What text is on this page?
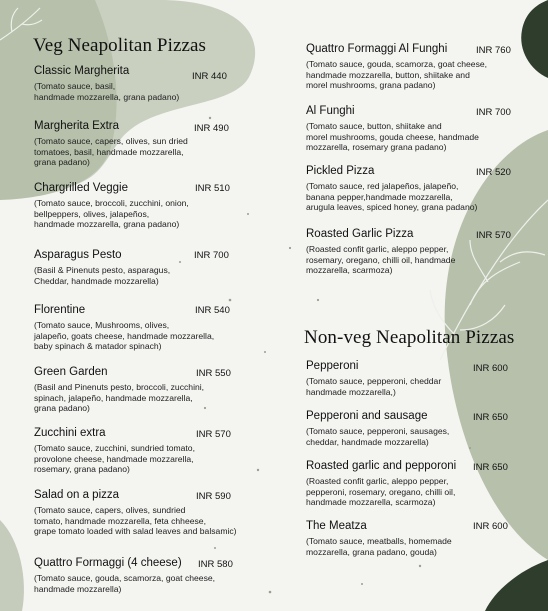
Veg Neapolitan Pizzas
Classic Margherita
(Tomato sauce, basil,
handmade mozzarella, grana padano)
INR 440
Margherita Extra
(Tomato sauce, capers, olives, sun dried
tomatoes, basil, handmade mozzarella,
grana padano)
INR 490
Chargrilled Veggie
(Tomato sauce, broccoli, zucchini, onion,
bellpeppers, olives, jalapeños,
handmade mozzarella, grana padano)
INR 510
Asparagus Pesto
(Basil & Pinenuts pesto, asparagus,
Cheddar, handmade mozzarella)
INR 700
Florentine
(Tomato sauce, Mushrooms, olives,
jalapeño, goats cheese, handmade mozzarella,
baby spinach & matador spinach)
INR 540
Green Garden
(Basil and Pinenuts pesto, broccoli, zucchini,
spinach, jalapeño, handmade mozzarella,
grana padano)
INR 550
Zucchini extra
(Tomato sauce, zucchini, sundried tomato,
provolone cheese, handmade mozzarella,
rosemary, grana padano)
INR 570
Salad on a pizza
(Tomato sauce, capers, olives, sundried
tomato, handmade mozzarella, feta chheese,
grape tomato loaded with salad leaves and balsamic)
INR 590
Quattro Formaggi (4 cheese)
(Tomato sauce, gouda, scamorza, goat cheese,
handmade mozzarella)
INR 580
Quattro Formaggi Al Funghi
(Tomato sauce, gouda, scamorza, goat cheese,
handmade mozzarella, button, shiitake and
morel mushrooms, grana padano)
INR 760
Al Funghi
(Tomato sauce, button, shiitake and
morel mushrooms, gouda cheese, handmade
mozzarella, rosemary grana padano)
INR 700
Pickled Pizza
(Tomato sauce, red jalapeños, jalapeño,
banana pepper,handmade mozzarella,
arugula leaves, spiced honey, grana padano)
INR 520
Roasted Garlic Pizza
(Roasted confit garlic, aleppo pepper,
rosemary, oregano, chilli oil, handmade
mozzarella, scarmoza)
INR 570
Non-veg Neapolitan Pizzas
Pepperoni
(Tomato sauce, pepperoni, cheddar
handmade mozzarella,)
INR 600
Pepperoni and sausage
(Tomato sauce, pepperoni, sausages,
cheddar, handmade mozzarella)
INR 650
Roasted garlic and pepporoni
(Roasted confit garlic, aleppo pepper,
pepperoni, rosemary, oregano, chilli oil,
handmade mozzarella, scarmoza)
INR 650
The Meatza
(Tomato sauce, meatballs, homemade
mozzarella, grana padano, gouda)
INR 600
